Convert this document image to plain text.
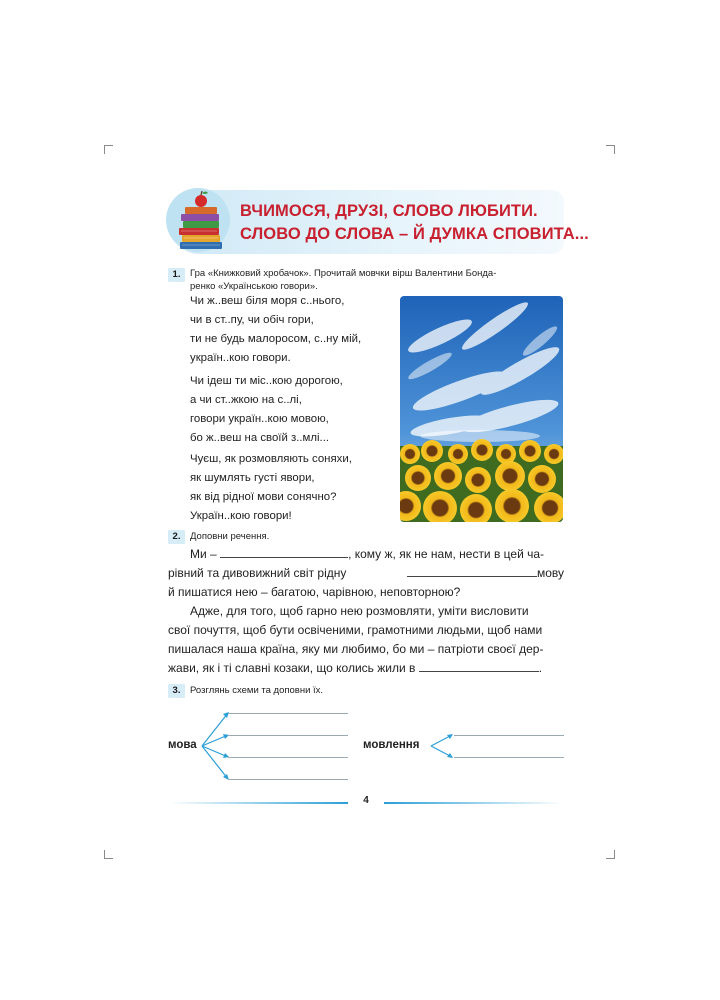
ВЧИМОСЯ, ДРУЗІ, СЛОВО ЛЮБИТИ.
СЛОВО ДО СЛОВА – Й ДУМКА СПОВИТА...
1.	Гра «Книжковий хробачок». Прочитай мовчки вірш Валентини Бонда-
ренко «Українською говори».
Чи ж..веш біля моря с..нього,
чи в ст..пу, чи обіч гори,
ти не будь малоросом, с..ну мій,
україн..кою говори.
Чи ідеш ти міс..кою дорогою,
а чи ст..жкою на с..лі,
говори україн..кою мовою,
бо ж..веш на своїй з..млі...
Чуєш, як розмовляють соняхи,
як шумлять густі явори,
як від рідної мови сонячно?
Україн..кою говори!
2.	Доповни речення.
Ми –	, кому ж, як не нам, нести в цей ча-
рівний та дивовижний світ рідну	мову
й пишатися нею – багатою, чарівною, неповторною?
Адже, для того, щоб гарно нею розмовляти, уміти висловити
свої почуття, щоб бути освіченими, грамотними людьми, щоб нами
пишалася наша країна, яку ми любимо, бо ми – патріоти своєї дер-
жави, як і ті славні козаки, що колись жили в	.
3.	Розглянь схеми та доповни їх.
мова	мовлення
4
